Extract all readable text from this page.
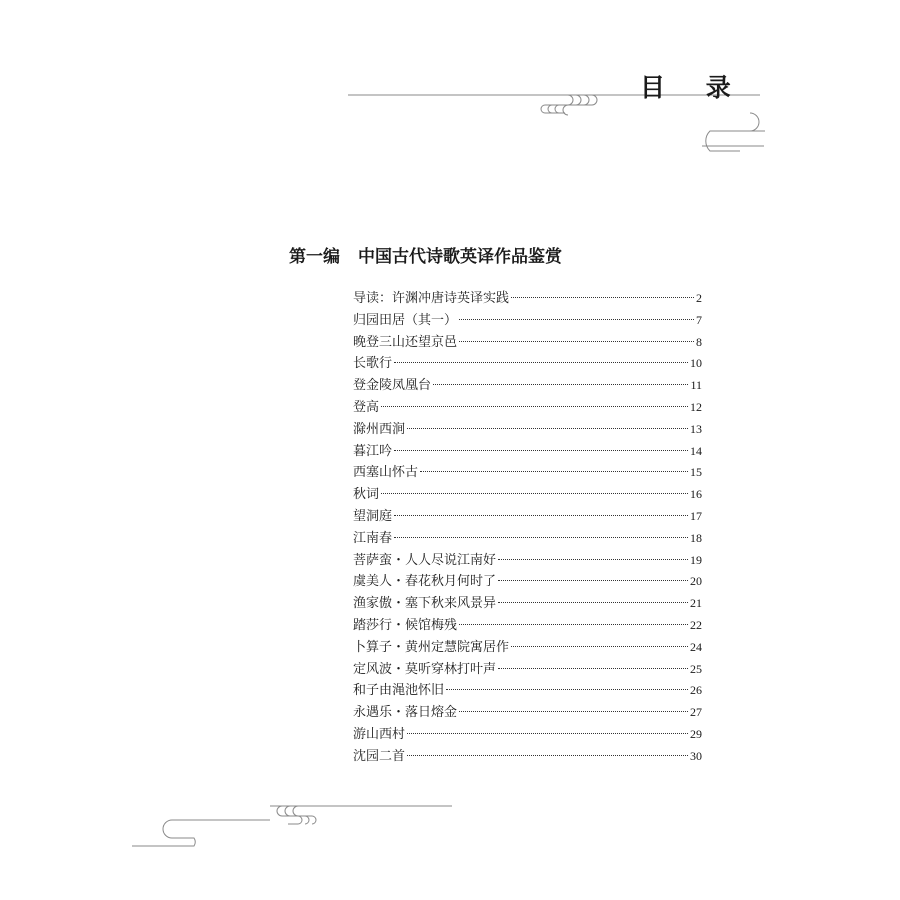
目 录
第一编 中国古代诗歌英译作品鉴赏
导读：许渊冲唐诗英译实践	2
归园田居（其一）	7
晚登三山还望京邑	8
长歌行	10
登金陵凤凰台	11
登高	12
滁州西涧	13
暮江吟	14
西塞山怀古	15
秋词	16
望洞庭	17
江南春	18
菩萨蛮・人人尽说江南好	19
虞美人・春花秋月何时了	20
渔家傲・塞下秋来风景异	21
踏莎行・候馆梅残	22
卜算子・黄州定慧院寓居作	24
定风波・莫听穿林打叶声	25
和子由渑池怀旧	26
永遇乐・落日熔金	27
游山西村	29
沈园二首	30
